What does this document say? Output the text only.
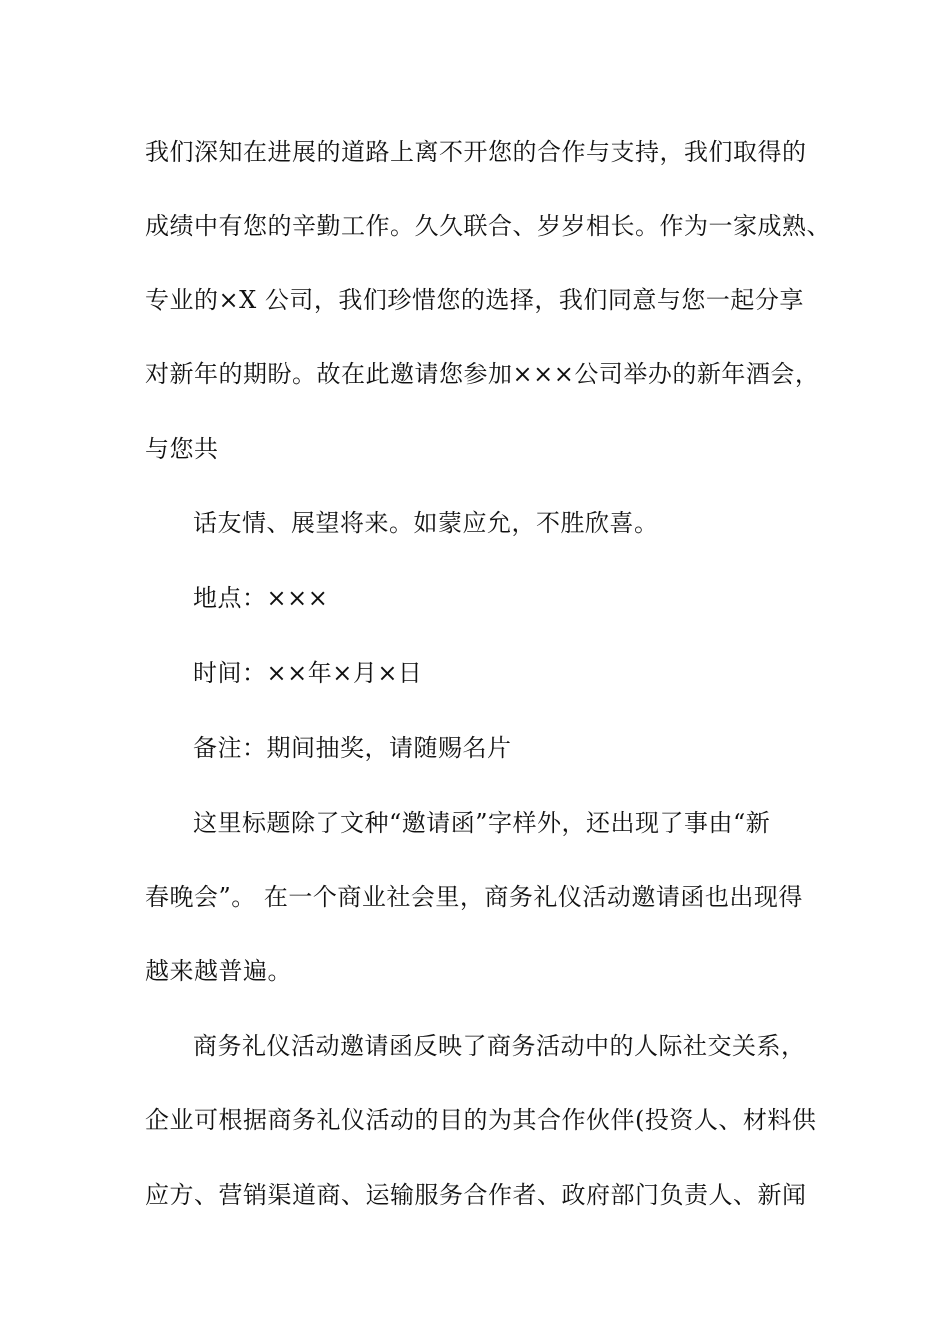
我们深知在进展的道路上离不开您的合作与支持，我们取得的

成绩中有您的辛勤工作。久久联合、岁岁相长。作为一家成熟、

专业的×X 公司，我们珍惜您的选择，我们同意与您一起分享

对新年的期盼。故在此邀请您参加×××公司举办的新年酒会，

与您共

话友情、展望将来。如蒙应允，不胜欣喜。

地点：×××

时间：××年×月×日

备注：期间抽奖，请随赐名片

这里标题除了文种“邀请函”字样外，还出现了事由“新

春晚会”。 在一个商业社会里，商务礼仪活动邀请函也出现得

越来越普遍。

商务礼仪活动邀请函反映了商务活动中的人际社交关系，

企业可根据商务礼仪活动的目的为其合作伙伴(投资人、材料供

应方、营销渠道商、运输服务合作者、政府部门负责人、新闻
